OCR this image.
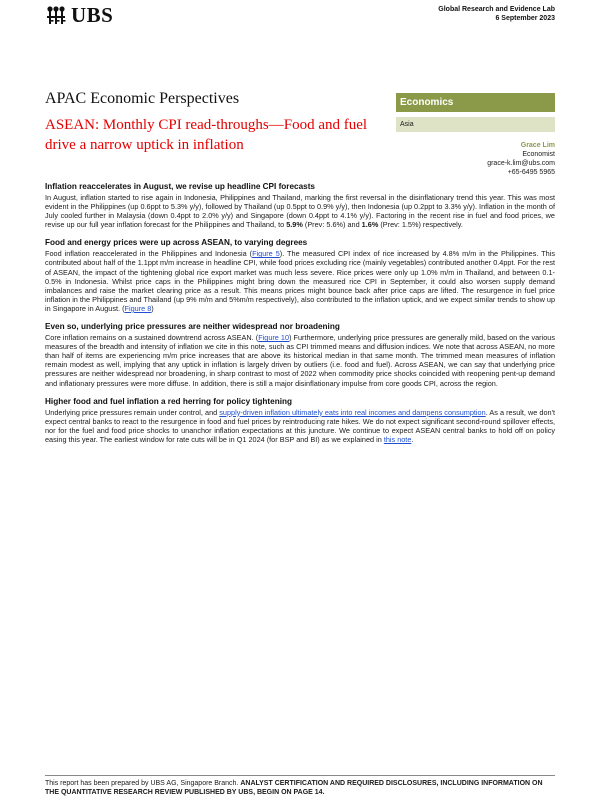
UBS	Global Research and Evidence Lab
6 September 2023
APAC Economic Perspectives
ASEAN: Monthly CPI read-throughs—Food and fuel drive a narrow uptick in inflation
Economics
Asia
Grace Lim
Economist
grace-k.lim@ubs.com
+65-6495 5965
Inflation reaccelerates in August, we revise up headline CPI forecasts

In August, inflation started to rise again in Indonesia, Philippines and Thailand, marking the first reversal in the disinflationary trend this year. This was most evident in the Philippines (up 0.6ppt to 5.3% y/y), followed by Thailand (up 0.5ppt to 0.9% y/y), then Indonesia (up 0.2ppt to 3.3% y/y). Inflation in the month of July cooled further in Malaysia (down 0.4ppt to 2.0% y/y) and Singapore (down 0.4ppt to 4.1% y/y). Factoring in the recent rise in fuel and food prices, we revise up our full year inflation forecast for the Philippines and Thailand, to 5.9% (Prev: 5.6%) and 1.6% (Prev: 1.5%) respectively.

Food and energy prices were up across ASEAN, to varying degrees

Food inflation reaccelerated in the Philippines and Indonesia (Figure 5). The measured CPI index of rice increased by 4.8% m/m in the Philippines. This contributed about half of the 1.1ppt m/m increase in headline CPI, while food prices excluding rice (mainly vegetables) contributed another 0.4ppt. For the rest of ASEAN, the impact of the tightening global rice export market was much less severe. Rice prices were only up 1.0% m/m in Thailand, and between 0.1-0.5% in Indonesia. Whilst price caps in the Philippines might bring down the measured rice CPI in September, it could also worsen supply demand imbalances and raise the market clearing price as a result. This means prices might bounce back after price caps are lifted. The resurgence in fuel price inflation in the Philippines and Thailand (up 9% m/m and 5%m/m respectively), also contributed to the inflation uptick, and we expect similar trends to show up in Singapore in August. (Figure 8)

Even so, underlying price pressures are neither widespread nor broadening

Core inflation remains on a sustained downtrend across ASEAN. (Figure 10) Furthermore, underlying price pressures are generally mild, based on the various measures of the breadth and intensity of inflation we cite in this note, such as CPI trimmed means and diffusion indices. We note that across ASEAN, no more than half of items are experiencing m/m price increases that are above its historical median in that same month. The trimmed mean measures of inflation remain modest as well, implying that any uptick in inflation is largely driven by outliers (i.e. food and fuel). Across ASEAN, we can say that underlying price pressures are neither widespread nor broadening, in sharp contrast to most of 2022 when commodity price shocks coincided with reopening pent-up demand and inflationary pressures were more diffuse. In addition, there is still a major disinflationary impulse from core goods CPI, across the region.

Higher food and fuel inflation a red herring for policy tightening

Underlying price pressures remain under control, and supply-driven inflation ultimately eats into real incomes and dampens consumption. As a result, we don't expect central banks to react to the resurgence in food and fuel prices by reintroducing rate hikes. We do not expect significant second-round spillover effects, nor for the fuel and food price shocks to unanchor inflation expectations at this juncture. We continue to expect ASEAN central banks to hold off on policy easing this year. The earliest window for rate cuts will be in Q1 2024 (for BSP and BI) as we explained in this note.

This report has been prepared by UBS AG, Singapore Branch. ANALYST CERTIFICATION AND REQUIRED DISCLOSURES, INCLUDING INFORMATION ON THE QUANTITATIVE RESEARCH REVIEW PUBLISHED BY UBS, BEGIN ON PAGE 14.
